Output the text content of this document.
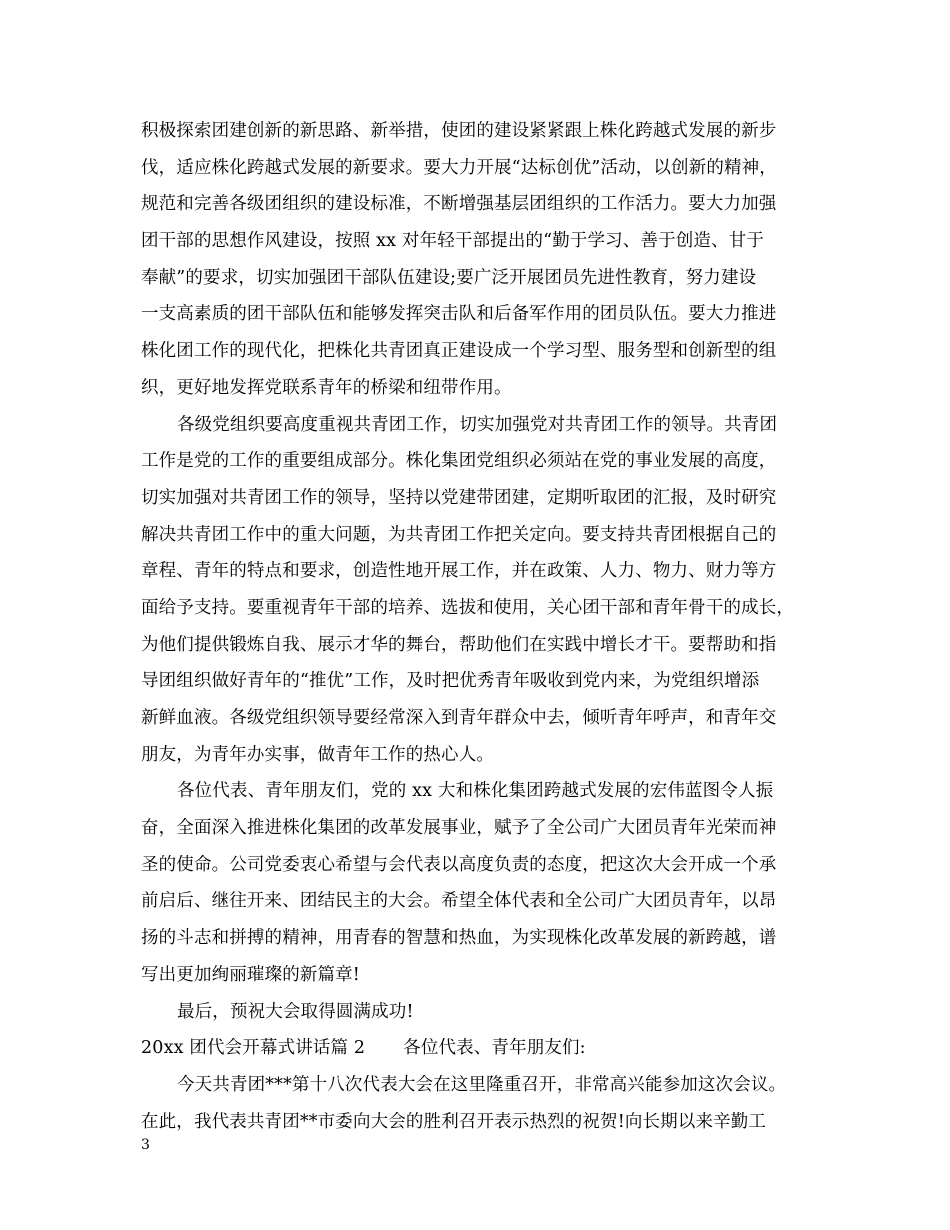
积极探索团建创新的新思路、新举措，使团的建设紧紧跟上株化跨越式发展的新步
伐，适应株化跨越式发展的新要求。要大力开展“达标创优”活动，以创新的精神，
规范和完善各级团组织的建设标准，不断增强基层团组织的工作活力。要大力加强
团干部的思想作风建设，按照 xx 对年轻干部提出的“勤于学习、善于创造、甘于
奉献”的要求，切实加强团干部队伍建设;要广泛开展团员先进性教育，努力建设
一支高素质的团干部队伍和能够发挥突击队和后备军作用的团员队伍。要大力推进
株化团工作的现代化，把株化共青团真正建设成一个学习型、服务型和创新型的组
织，更好地发挥党联系青年的桥梁和纽带作用。
各级党组织要高度重视共青团工作，切实加强党对共青团工作的领导。共青团
工作是党的工作的重要组成部分。株化集团党组织必须站在党的事业发展的高度，
切实加强对共青团工作的领导，坚持以党建带团建，定期听取团的汇报，及时研究
解决共青团工作中的重大问题，为共青团工作把关定向。要支持共青团根据自己的
章程、青年的特点和要求，创造性地开展工作，并在政策、人力、物力、财力等方
面给予支持。要重视青年干部的培养、选拔和使用，关心团干部和青年骨干的成长，
为他们提供锻炼自我、展示才华的舞台，帮助他们在实践中增长才干。要帮助和指
导团组织做好青年的“推优”工作，及时把优秀青年吸收到党内来，为党组织增添
新鲜血液。各级党组织领导要经常深入到青年群众中去，倾听青年呼声，和青年交
朋友，为青年办实事，做青年工作的热心人。
各位代表、青年朋友们，党的 xx 大和株化集团跨越式发展的宏伟蓝图令人振
奋，全面深入推进株化集团的改革发展事业，赋予了全公司广大团员青年光荣而神
圣的使命。公司党委衷心希望与会代表以高度负责的态度，把这次大会开成一个承
前启后、继往开来、团结民主的大会。希望全体代表和全公司广大团员青年，以昂
扬的斗志和拼搏的精神，用青春的智慧和热血，为实现株化改革发展的新跨越，谱
写出更加绚丽璀璨的新篇章!
最后，预祝大会取得圆满成功!
20xx 团代会开幕式讲话篇 2 各位代表、青年朋友们:
今天共青团***第十八次代表大会在这里隆重召开，非常高兴能参加这次会议。
在此，我代表共青团**市委向大会的胜利召开表示热烈的祝贺!向长期以来辛勤工
3
